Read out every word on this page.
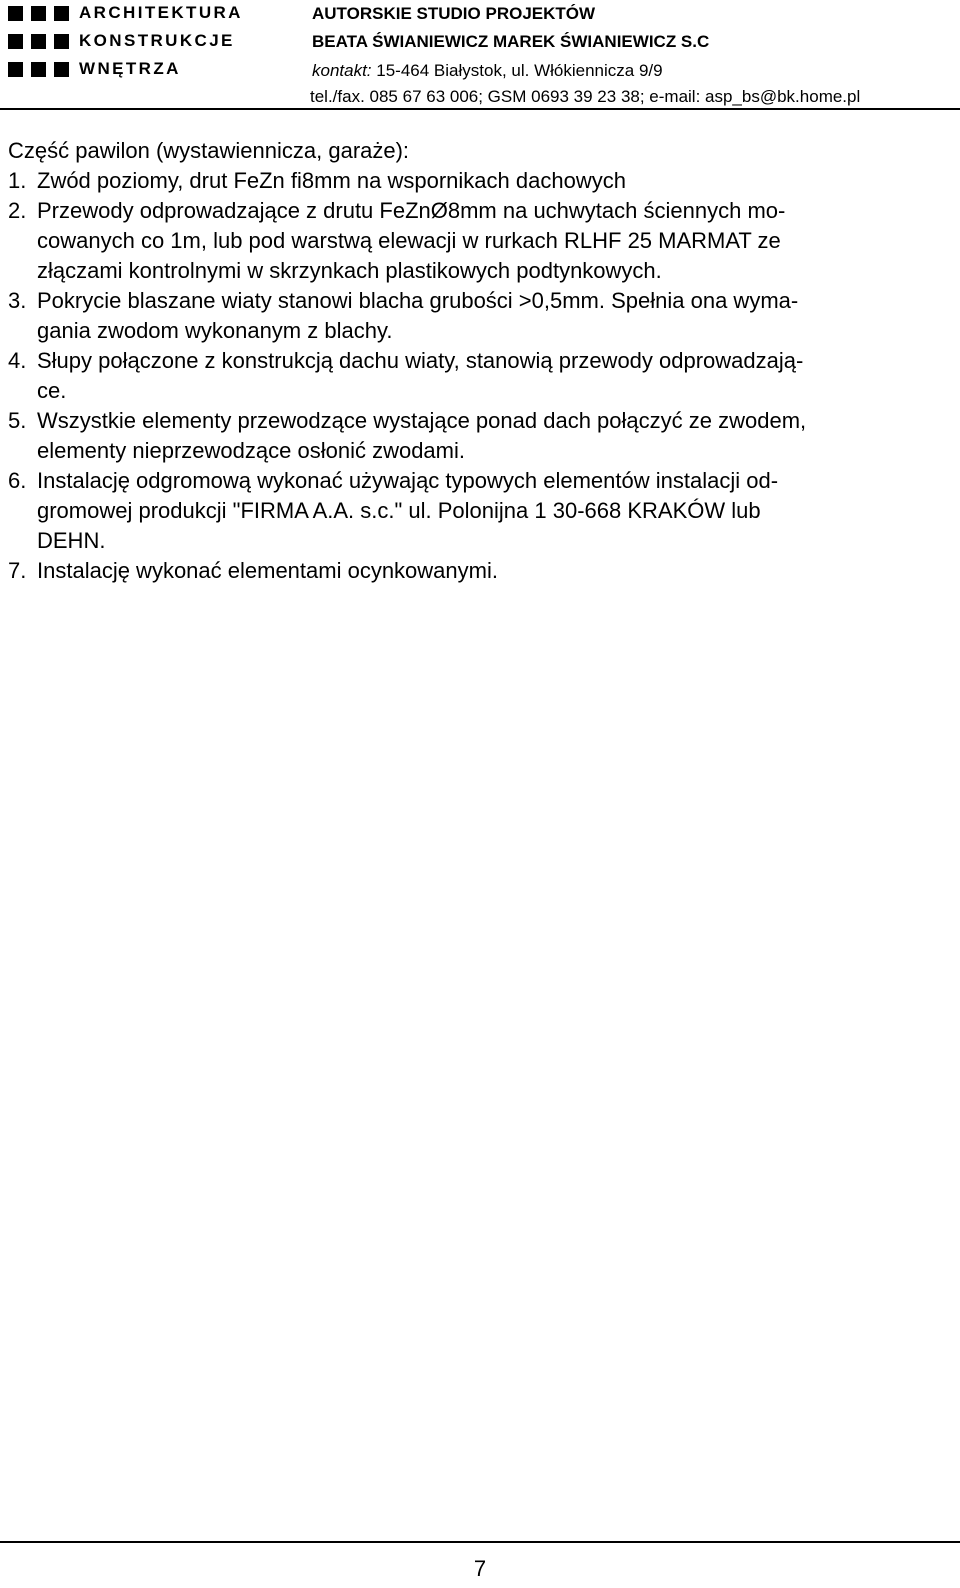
ARCHITEKTURA
KONSTRUKCJE
WNĘTRZA
AUTORSKIE STUDIO PROJEKTÓW
BEATA ŚWIANIEWICZ MAREK ŚWIANIEWICZ S.C
kontakt: 15-464 Białystok, ul. Włókiennicza 9/9
tel./fax. 085 67 63 006; GSM 0693 39 23 38; e-mail: asp_bs@bk.home.pl
Część pawilon (wystawiennicza, garaże):
1. Zwód poziomy, drut FeZn fi8mm na wspornikach dachowych
2. Przewody odprowadzające z drutu FeZnØ8mm na uchwytach ściennych mo-
cowanych co 1m, lub pod warstwą elewacji w rurkach RLHF 25 MARMAT ze
złączami kontrolnymi w skrzynkach plastikowych podtynkowych.
3. Pokrycie blaszane wiaty stanowi blacha grubości >0,5mm. Spełnia ona wyma-
gania zwodom wykonanym z blachy.
4. Słupy połączone z konstrukcją dachu wiaty, stanowią przewody odprowadzają-
ce.
5. Wszystkie elementy przewodzące wystające ponad dach połączyć ze zwodem,
elementy nieprzewodzące osłonić zwodami.
6. Instalację odgromową wykonać używając typowych elementów instalacji od-
gromowej produkcji "FIRMA A.A. s.c." ul. Polonijna 1 30-668 KRAKÓW lub
DEHN.
7. Instalację wykonać elementami ocynkowanymi.
7
